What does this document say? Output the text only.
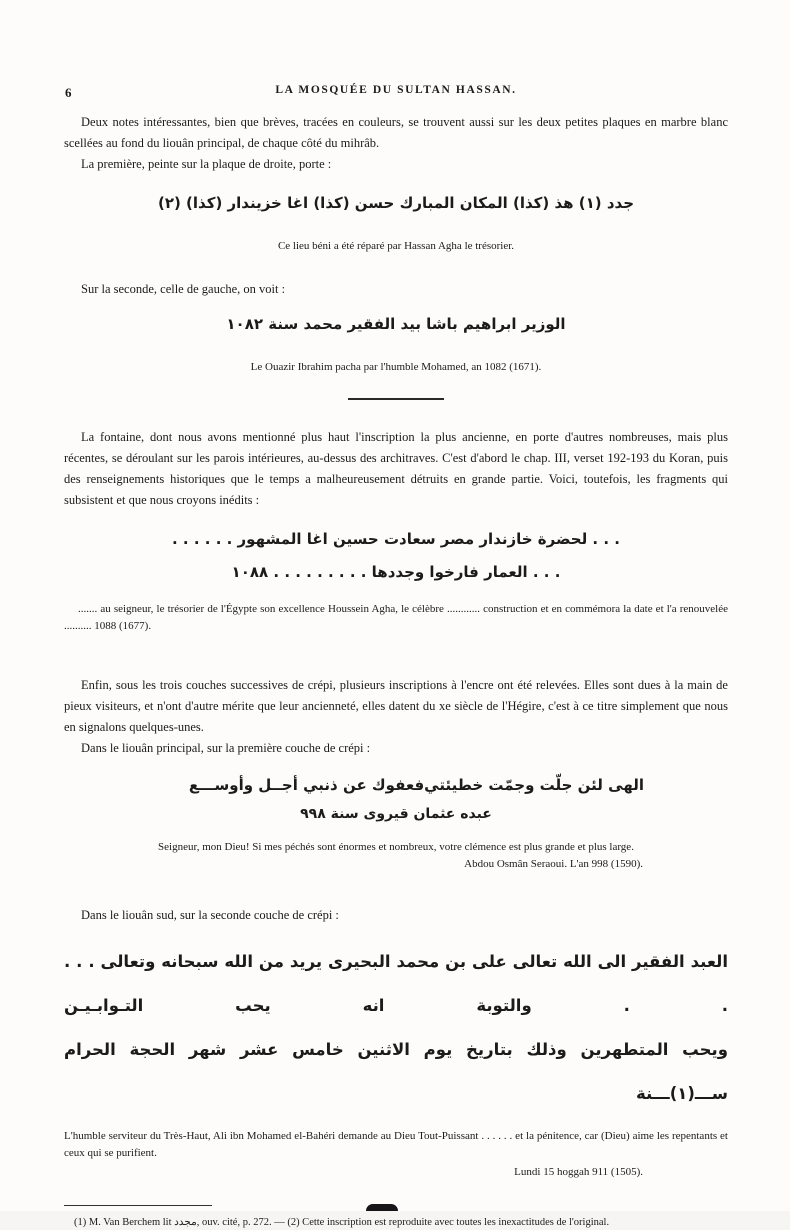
6	LA MOSQUÉE DU SULTAN HASSAN.

Deux notes intéressantes, bien que brèves, tracées en couleurs, se trouvent aussi sur les deux petites plaques en marbre blanc scellées au fond du liouân principal, de chaque côté du mihrâb.

La première, peinte sur la plaque de droite, porte :

جدد (١) هذ (كذا) المكان المبارك حسن (كذا) اغا خزيندار (كذا) (٢)
Ce lieu béni a été réparé par Hassan Agha le trésorier.

Sur la seconde, celle de gauche, on voit :

الوزير ابراهيم باشا بيد الفقير محمد سنة ١٠٨٢
Le Ouazir Ibrahim pacha par l'humble Mohamed, an 1082 (1671).

La fontaine, dont nous avons mentionné plus haut l'inscription la plus ancienne, en porte d'autres nombreuses, mais plus récentes, se déroulant sur les parois intérieures, au-dessus des architraves. C'est d'abord le chap. III, verset 192-193 du Koran, puis des renseignements historiques que le temps a malheureusement détruits en grande partie. Voici, toutefois, les fragments qui subsistent et que nous croyons inédits :

. . . لحضرة خازندار مصر سعادت حسين اغا المشهور . . . . . .
. . . العمار فارخوا وجددها . . . . . . . . . ١٠٨٨
....... au seigneur, le trésorier de l'Égypte son excellence Houssein Agha, le célèbre ............ construction et en commémora la date et l'a renouvelée .......... 1088 (1677).

Enfin, sous les trois couches successives de crépi, plusieurs inscriptions à l'encre ont été relevées. Elles sont dues à la main de pieux visiteurs, et n'ont d'autre mérite que leur ancienneté, elles datent du xe siècle de l'Hégire, c'est à ce titre simplement que nous en signalons quelques-unes.

Dans le liouân principal, sur la première couche de crépi :

الهى لئن جلّت وجمّت خطيئتي
فعفوك عن ذنبي أجــل وأوســـع
عبده عثمان قيروى سنة ٩٩٨
Seigneur, mon Dieu! Si mes péchés sont énormes et nombreux, votre clémence est plus grande et plus large.
Abdou Osmân Seraoui. L'an 998 (1590).

Dans le liouân sud, sur la seconde couche de crépi :

العبد الفقير الى الله تعالى على بن محمد البحيرى يريد من الله سبحانه وتعالى . . . . . والتوبة انه يحب التـوابـيـن
ويحب المتطهرين وذلك بتاريخ يوم الاثنين خامس عشر شهر الحجة الحرام ســـ(١)ـــنة
L'humble serviteur du Très-Haut, Ali ibn Mohamed el-Bahéri demande au Dieu Tout-Puissant . . . . . . et la pénitence, car (Dieu) aime les repentants et ceux qui se purifient.
Lundi 15 hoggah 911 (1505).

(1) M. Van Berchem lit مجدد‎, ouv. cité, p. 272. — (2) Cette inscription est reproduite avec toutes les inexactitudes de l'original.
